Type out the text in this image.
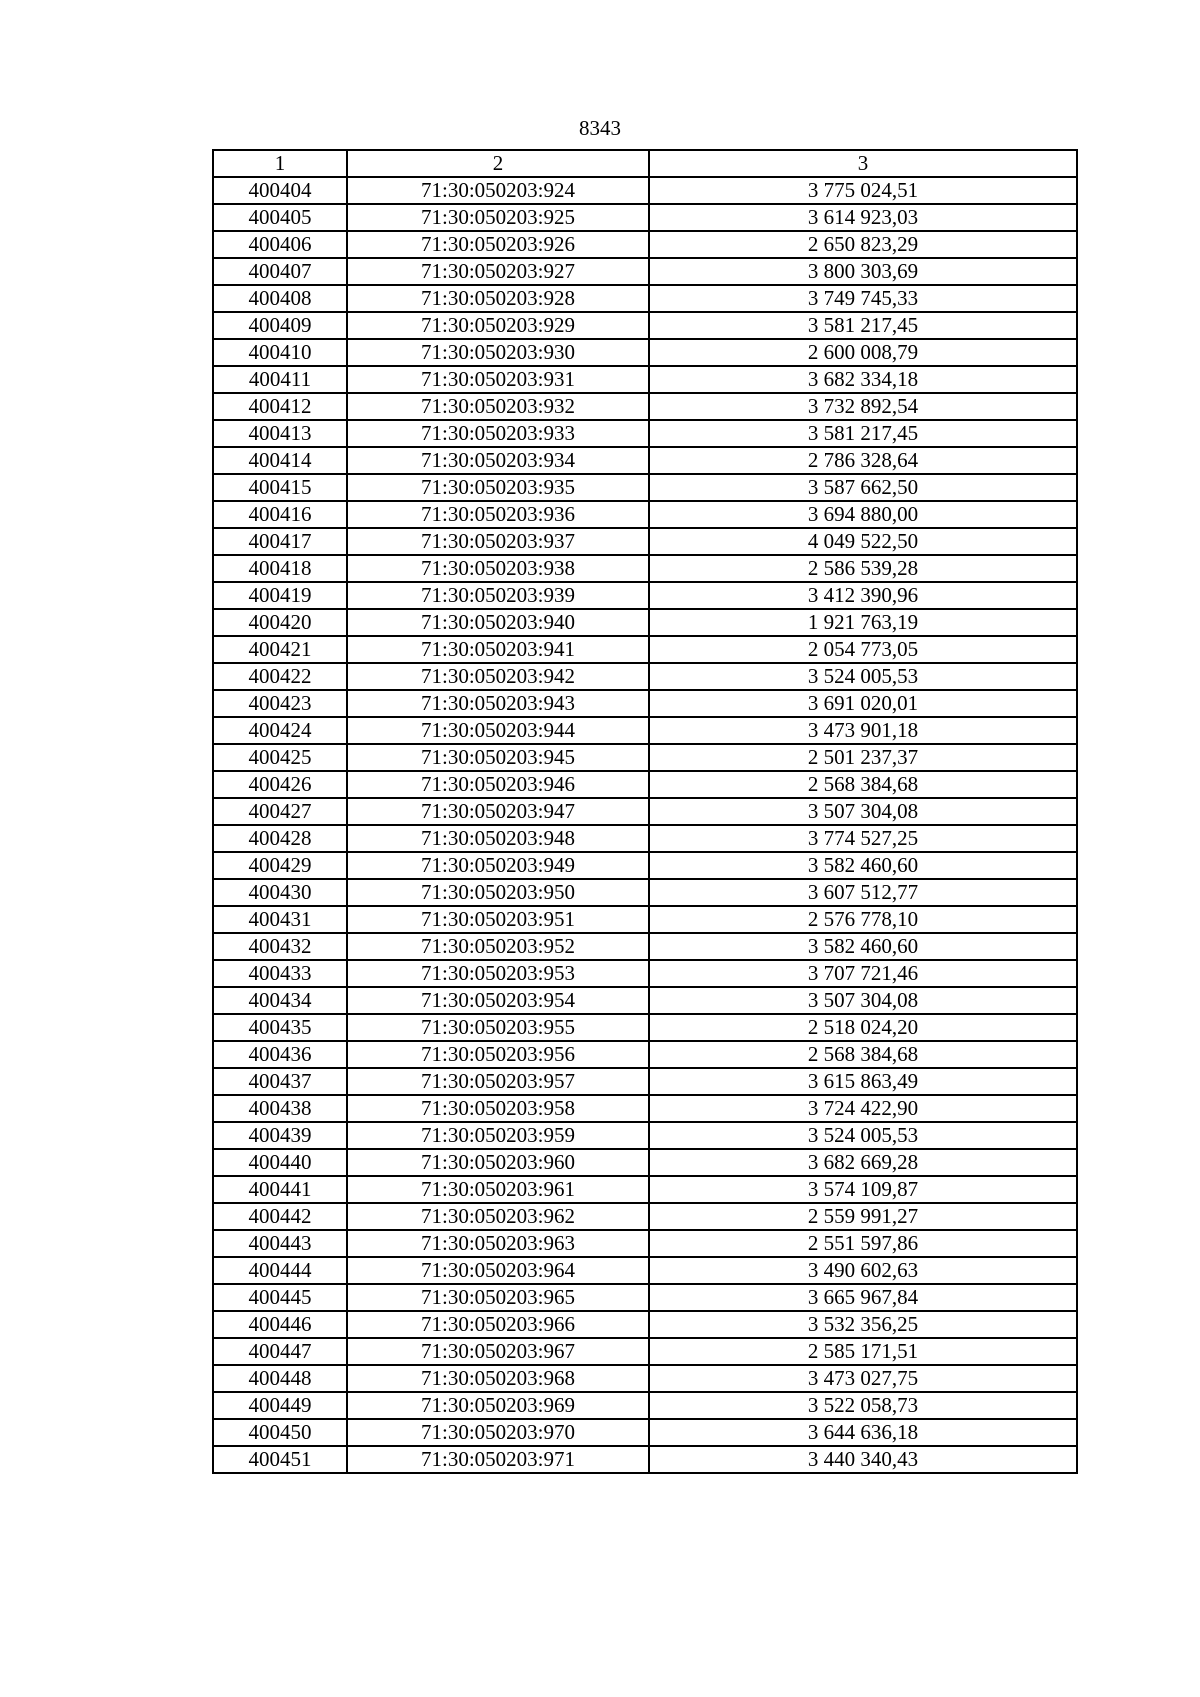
8343
1	2	3
400404	71:30:050203:924	3 775 024,51
400405	71:30:050203:925	3 614 923,03
400406	71:30:050203:926	2 650 823,29
400407	71:30:050203:927	3 800 303,69
400408	71:30:050203:928	3 749 745,33
400409	71:30:050203:929	3 581 217,45
400410	71:30:050203:930	2 600 008,79
400411	71:30:050203:931	3 682 334,18
400412	71:30:050203:932	3 732 892,54
400413	71:30:050203:933	3 581 217,45
400414	71:30:050203:934	2 786 328,64
400415	71:30:050203:935	3 587 662,50
400416	71:30:050203:936	3 694 880,00
400417	71:30:050203:937	4 049 522,50
400418	71:30:050203:938	2 586 539,28
400419	71:30:050203:939	3 412 390,96
400420	71:30:050203:940	1 921 763,19
400421	71:30:050203:941	2 054 773,05
400422	71:30:050203:942	3 524 005,53
400423	71:30:050203:943	3 691 020,01
400424	71:30:050203:944	3 473 901,18
400425	71:30:050203:945	2 501 237,37
400426	71:30:050203:946	2 568 384,68
400427	71:30:050203:947	3 507 304,08
400428	71:30:050203:948	3 774 527,25
400429	71:30:050203:949	3 582 460,60
400430	71:30:050203:950	3 607 512,77
400431	71:30:050203:951	2 576 778,10
400432	71:30:050203:952	3 582 460,60
400433	71:30:050203:953	3 707 721,46
400434	71:30:050203:954	3 507 304,08
400435	71:30:050203:955	2 518 024,20
400436	71:30:050203:956	2 568 384,68
400437	71:30:050203:957	3 615 863,49
400438	71:30:050203:958	3 724 422,90
400439	71:30:050203:959	3 524 005,53
400440	71:30:050203:960	3 682 669,28
400441	71:30:050203:961	3 574 109,87
400442	71:30:050203:962	2 559 991,27
400443	71:30:050203:963	2 551 597,86
400444	71:30:050203:964	3 490 602,63
400445	71:30:050203:965	3 665 967,84
400446	71:30:050203:966	3 532 356,25
400447	71:30:050203:967	2 585 171,51
400448	71:30:050203:968	3 473 027,75
400449	71:30:050203:969	3 522 058,73
400450	71:30:050203:970	3 644 636,18
400451	71:30:050203:971	3 440 340,43
